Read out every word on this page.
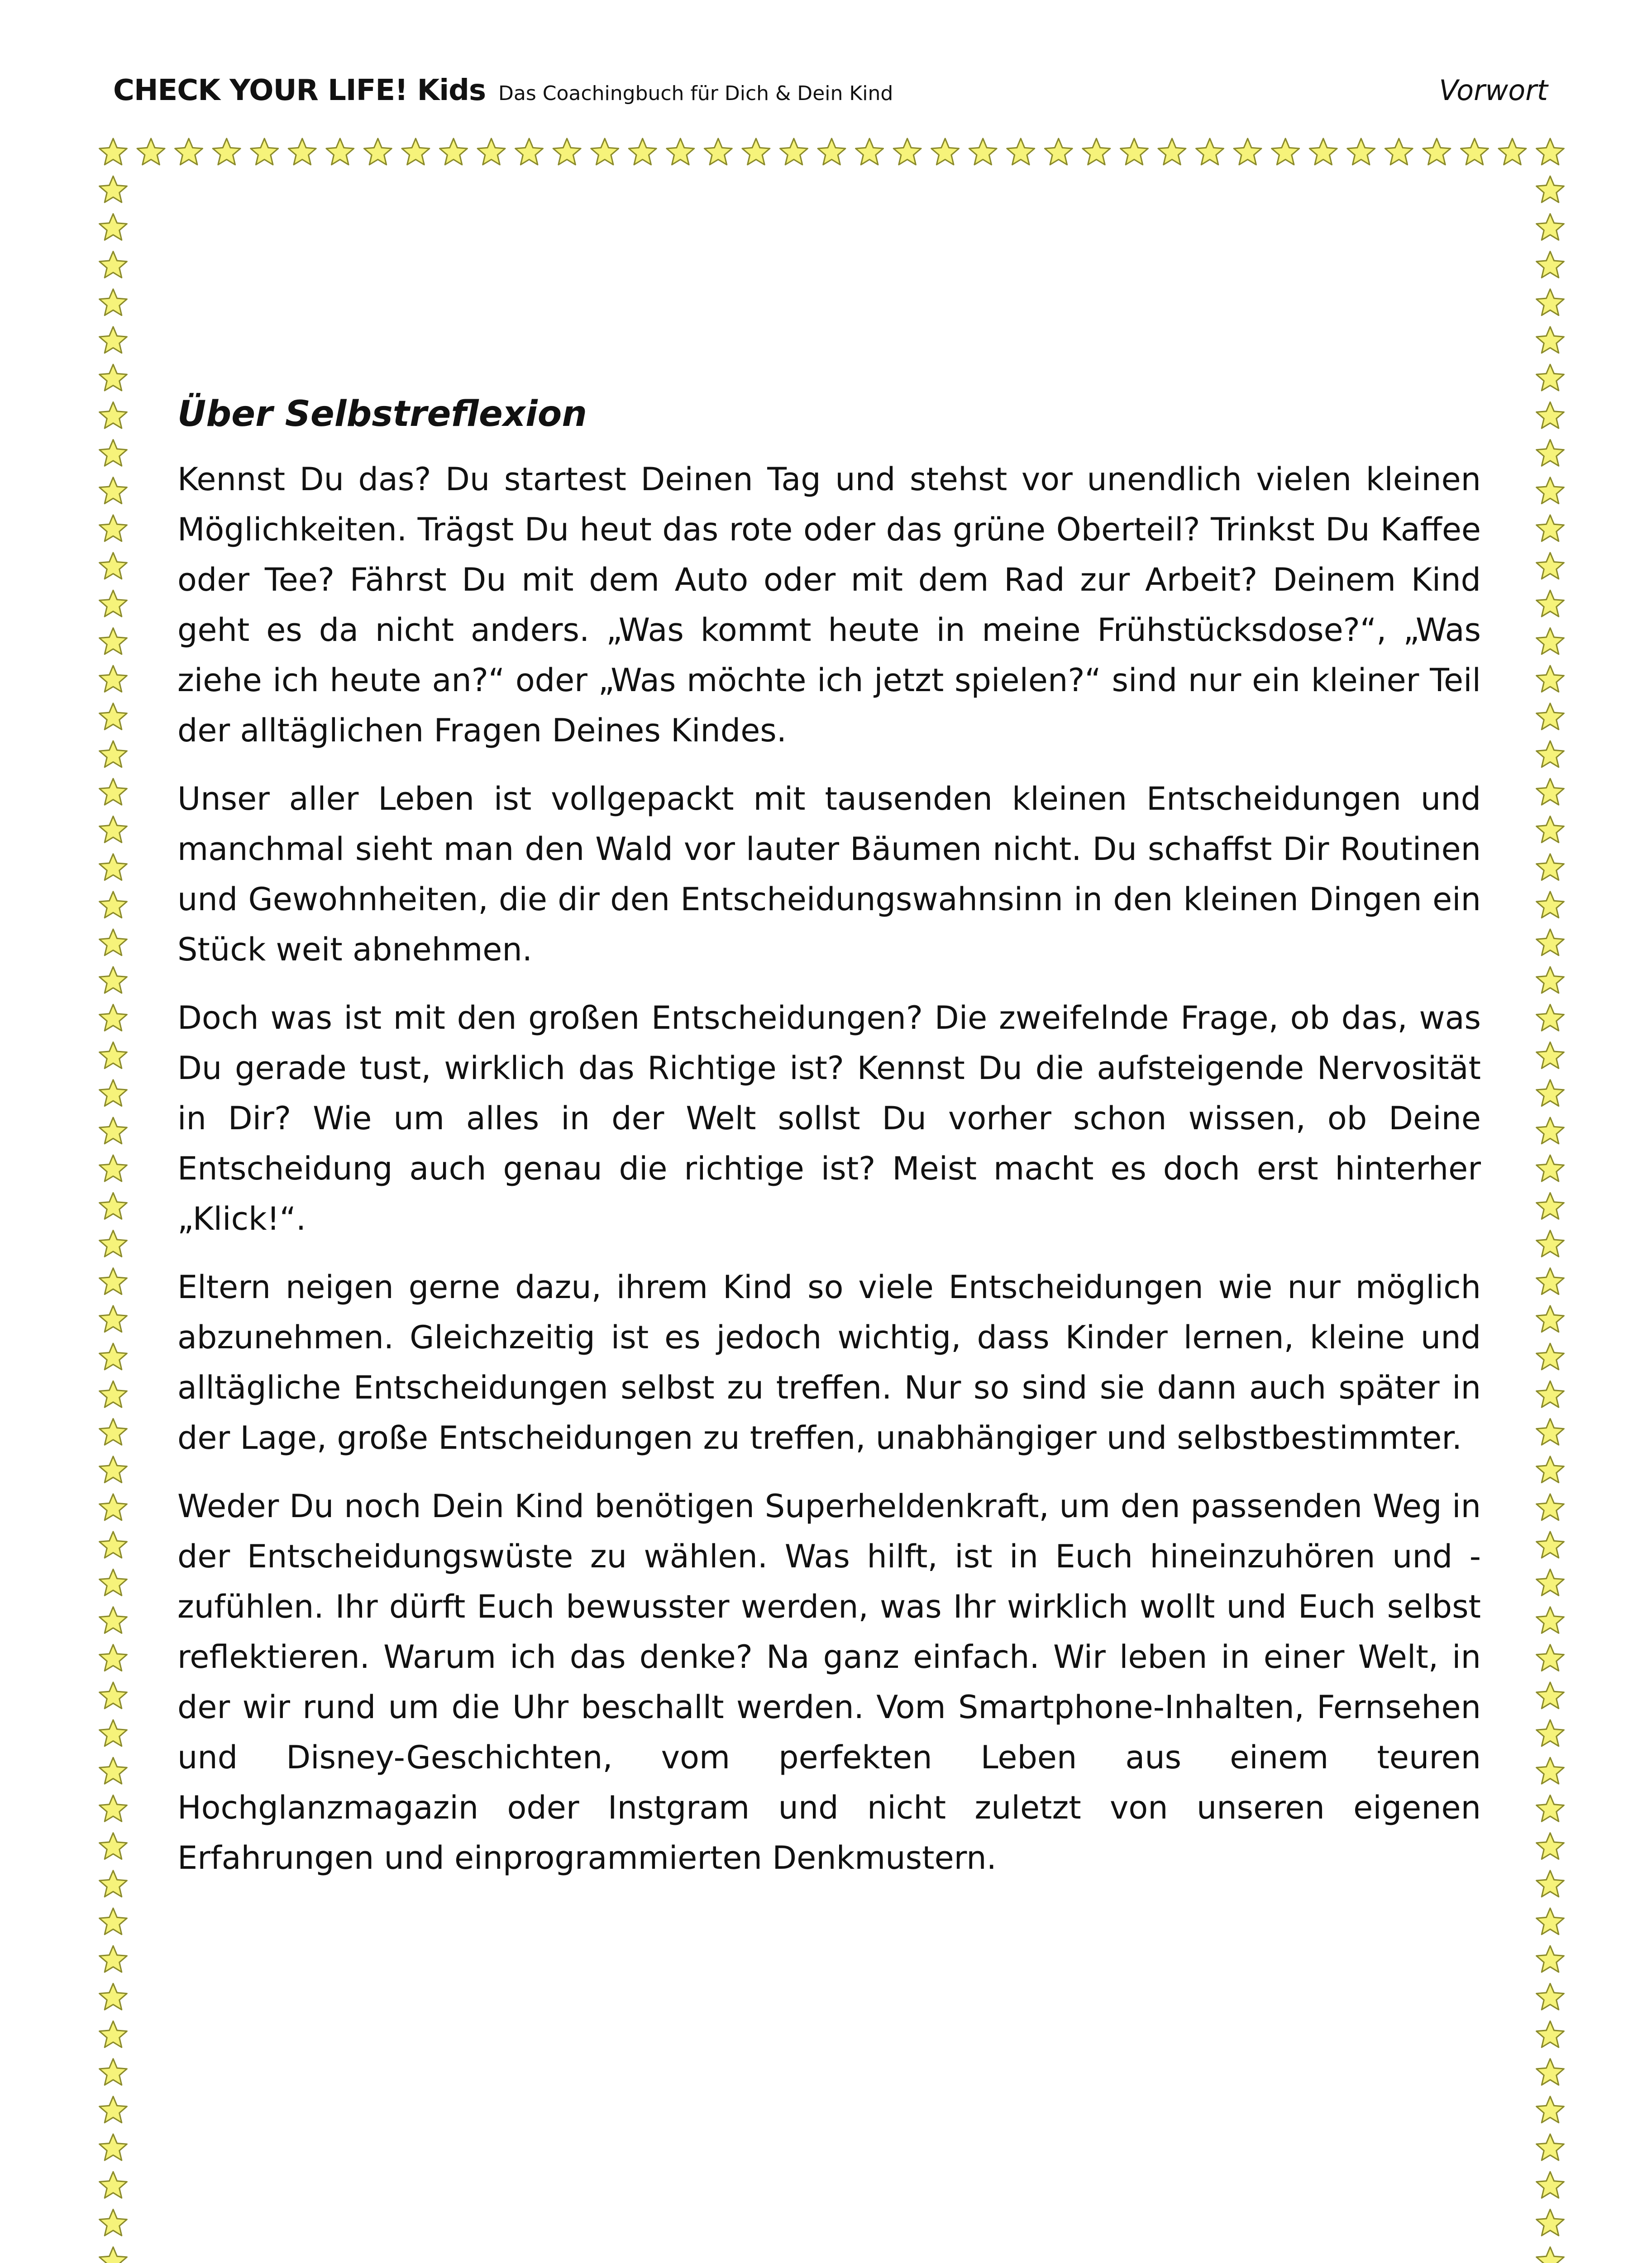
CHECK YOUR LIFE! Kids Das Coachingbuch für Dich & Dein Kind	Vorwort
Über Selbstreflexion

Kennst Du das? Du startest Deinen Tag und stehst vor unendlich vielen kleinen Möglichkeiten. Trägst Du heut das rote oder das grüne Oberteil? Trinkst Du Kaffee oder Tee? Fährst Du mit dem Auto oder mit dem Rad zur Arbeit? Deinem Kind geht es da nicht anders. „Was kommt heute in meine Frühstücksdose?“, „Was ziehe ich heute an?“ oder „Was möchte ich jetzt spielen?“ sind nur ein kleiner Teil der alltäglichen Fragen Deines Kindes.

Unser aller Leben ist vollgepackt mit tausenden kleinen Entscheidungen und manchmal sieht man den Wald vor lauter Bäumen nicht. Du schaffst Dir Routinen und Gewohnheiten, die dir den Entscheidungswahnsinn in den kleinen Dingen ein Stück weit abnehmen.

Doch was ist mit den großen Entscheidungen? Die zweifelnde Frage, ob das, was Du gerade tust, wirklich das Richtige ist? Kennst Du die aufsteigende Nervosität in Dir? Wie um alles in der Welt sollst Du vorher schon wissen, ob Deine Entscheidung auch genau die richtige ist? Meist macht es doch erst hinterher „Klick!“.

Eltern neigen gerne dazu, ihrem Kind so viele Entscheidungen wie nur möglich abzunehmen. Gleichzeitig ist es jedoch wichtig, dass Kinder lernen, kleine und alltägliche Entscheidungen selbst zu treffen. Nur so sind sie dann auch später in der Lage, große Entscheidungen zu treffen, unabhängiger und selbstbestimmter.

Weder Du noch Dein Kind benötigen Superheldenkraft, um den passenden Weg in der Entscheidungswüste zu wählen. Was hilft, ist in Euch hineinzuhören und -zufühlen. Ihr dürft Euch bewusster werden, was Ihr wirklich wollt und Euch selbst reflektieren. Warum ich das denke? Na ganz einfach. Wir leben in einer Welt, in der wir rund um die Uhr beschallt werden. Vom Smartphone-Inhalten, Fernsehen und Disney-Geschichten, vom perfekten Leben aus einem teuren Hochglanzmagazin oder Instgram und nicht zuletzt von unseren eigenen Erfahrungen und einprogrammierten Denkmustern.
